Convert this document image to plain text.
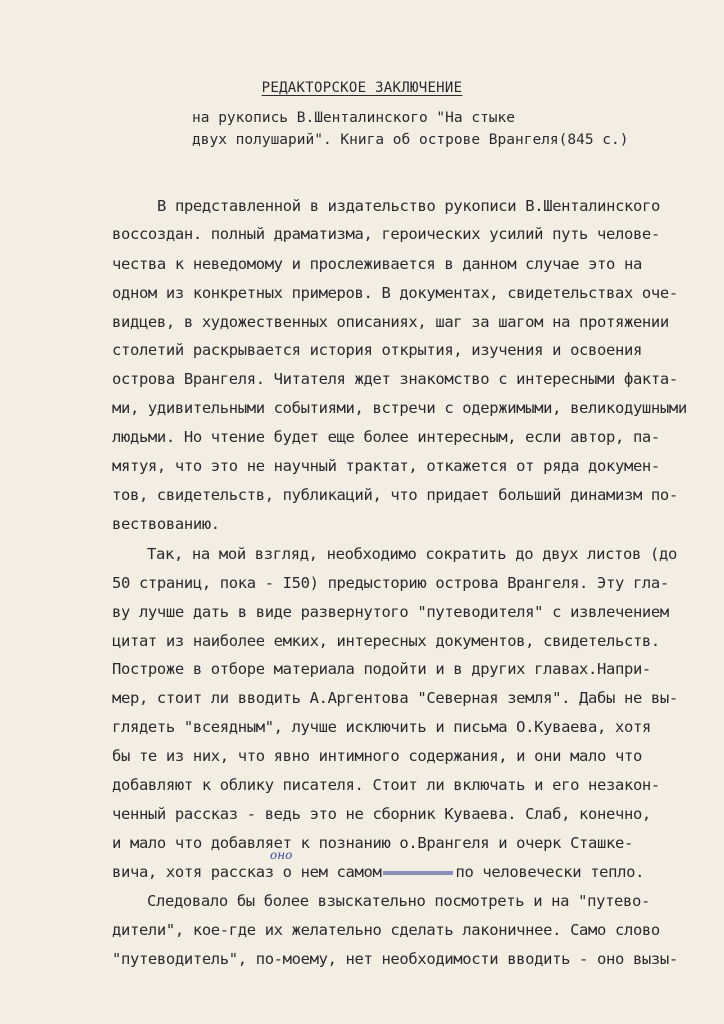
РЕДАКТОРСКОЕ ЗАКЛЮЧЕНИЕ
на рукопись В.Шенталинского "На стыке
двух полушарий". Книга об острове Врангеля(845 с.)
В представленной в издательство рукописи В.Шенталинского
воссоздан. полный драматизма, героических усилий путь челове-
чества к неведомому и прослеживается в данном случае это на
одном из конкретных примеров. В документах, свидетельствах оче-
видцев, в художественных описаниях, шаг за шагом на протяжении
столетий раскрывается история открытия, изучения и освоения
острова Врангеля. Читателя ждет знакомство с интересными факта-
ми, удивительными событиями, встречи с одержимыми, великодушными
людьми. Но чтение будет еще более интересным, если автор, па-
мятуя, что это не научный трактат, откажется от ряда докумен-
тов, свидетельств, публикаций, что придает больший динамизм по-
вествованию.
Так, на мой взгляд, необходимо сократить до двух листов (до
50 страниц, пока - I50) предысторию острова Врангеля. Эту гла-
ву лучше дать в виде развернутого "путеводителя" с извлечением
цитат из наиболее емких, интересных документов, свидетельств.
Построже в отборе материала подойти и в других главах.Напри-
мер, стоит ли вводить А.Аргентова "Северная земля". Дабы не вы-
глядеть "всеядным", лучше исключить и письма О.Куваева, хотя
бы те из них, что явно интимного содержания, и они мало что
добавляют к облику писателя. Стоит ли включать и его незакон-
ченный рассказ - ведь это не сборник Куваева. Слаб, конечно,
и мало что добавляет к познанию о.Врангеля и очерк Сташке-
вича, хотя рассказ о нем самом	по человечески тепло.
оно
Следовало бы более взыскательно посмотреть и на "путево-
дители", кое-где их желательно сделать лаконичнее. Само слово
"путеводитель", по-моему, нет необходимости вводить - оно вызы-
